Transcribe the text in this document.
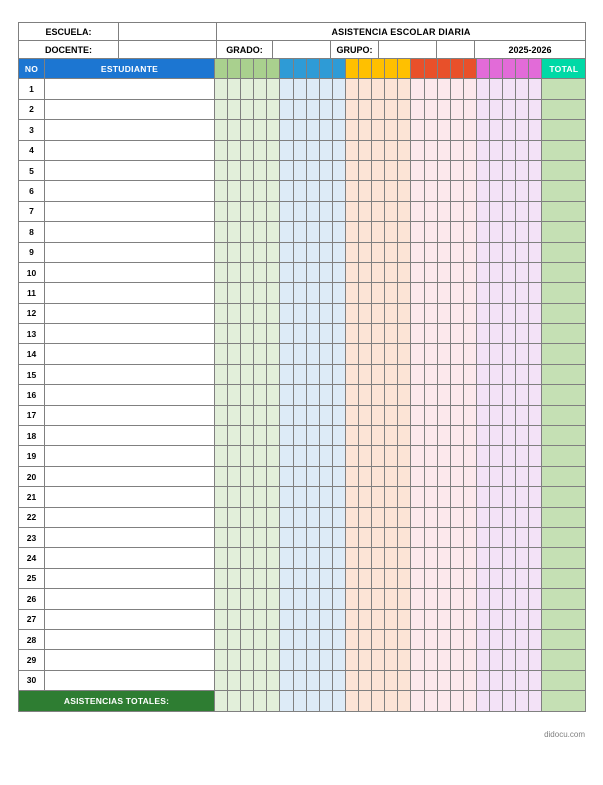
ESCUELA:		ASISTENCIA ESCOLAR DIARIA					
DOCENTE:		GRADO:		GRUPO:			2025-2026
NO	ESTUDIANTE																										TOTAL
1																											
2																											
3																											
4																											
5																											
6																											
7																											
8																											
9																											
10																											
11																											
12																											
13																											
14																											
15																											
16																											
17																											
18																											
19																											
20																											
21																											
22																											
23																											
24																											
25																											
26																											
27																											
28																											
29																											
30																											
ASISTENCIAS TOTALES:																											
didocu.com
